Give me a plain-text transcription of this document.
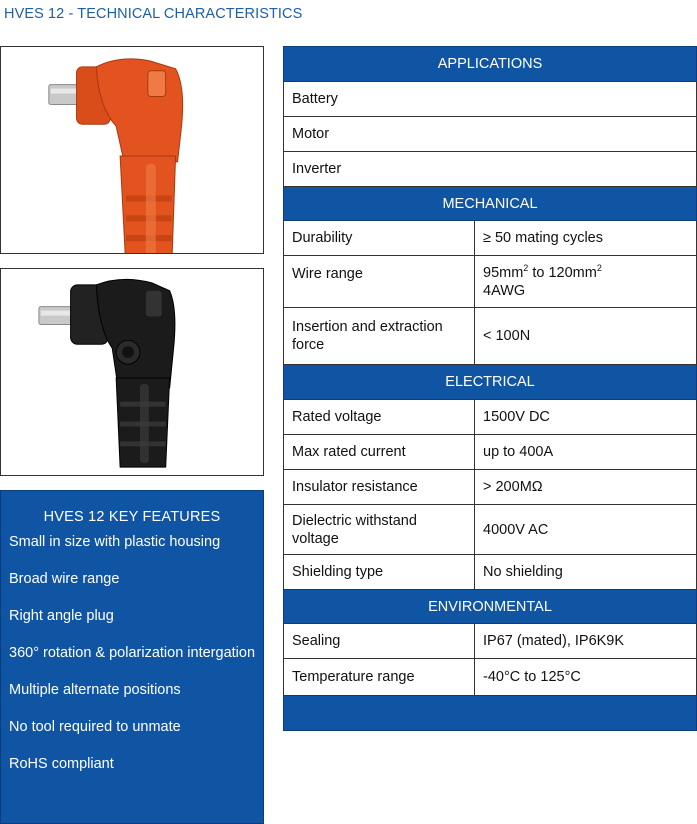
HVES 12 - TECHNICAL CHARACTERISTICS
HVES 12 KEY FEATURES
Small in size with plastic housing
Broad wire range
Right angle plug
360° rotation & polarization intergation
Multiple alternate positions
No tool required to unmate
RoHS compliant
APPLICATIONS	
Battery	
Motor	
Inverter	
MECHANICAL	
Durability	≥ 50 mating cycles
Wire range	$95mm^2$ to $120mm^2$
4AWG
Insertion and extraction force	< 100N
ELECTRICAL	
Rated voltage	1500V DC
Max rated current	up to 400A
Insulator resistance	> 200MΩ
Dielectric withstand voltage	4000V AC
Shielding type	No shielding
ENVIRONMENTAL	
Sealing	IP67 (mated), IP6K9K
Temperature range	-40°C to 125°C
